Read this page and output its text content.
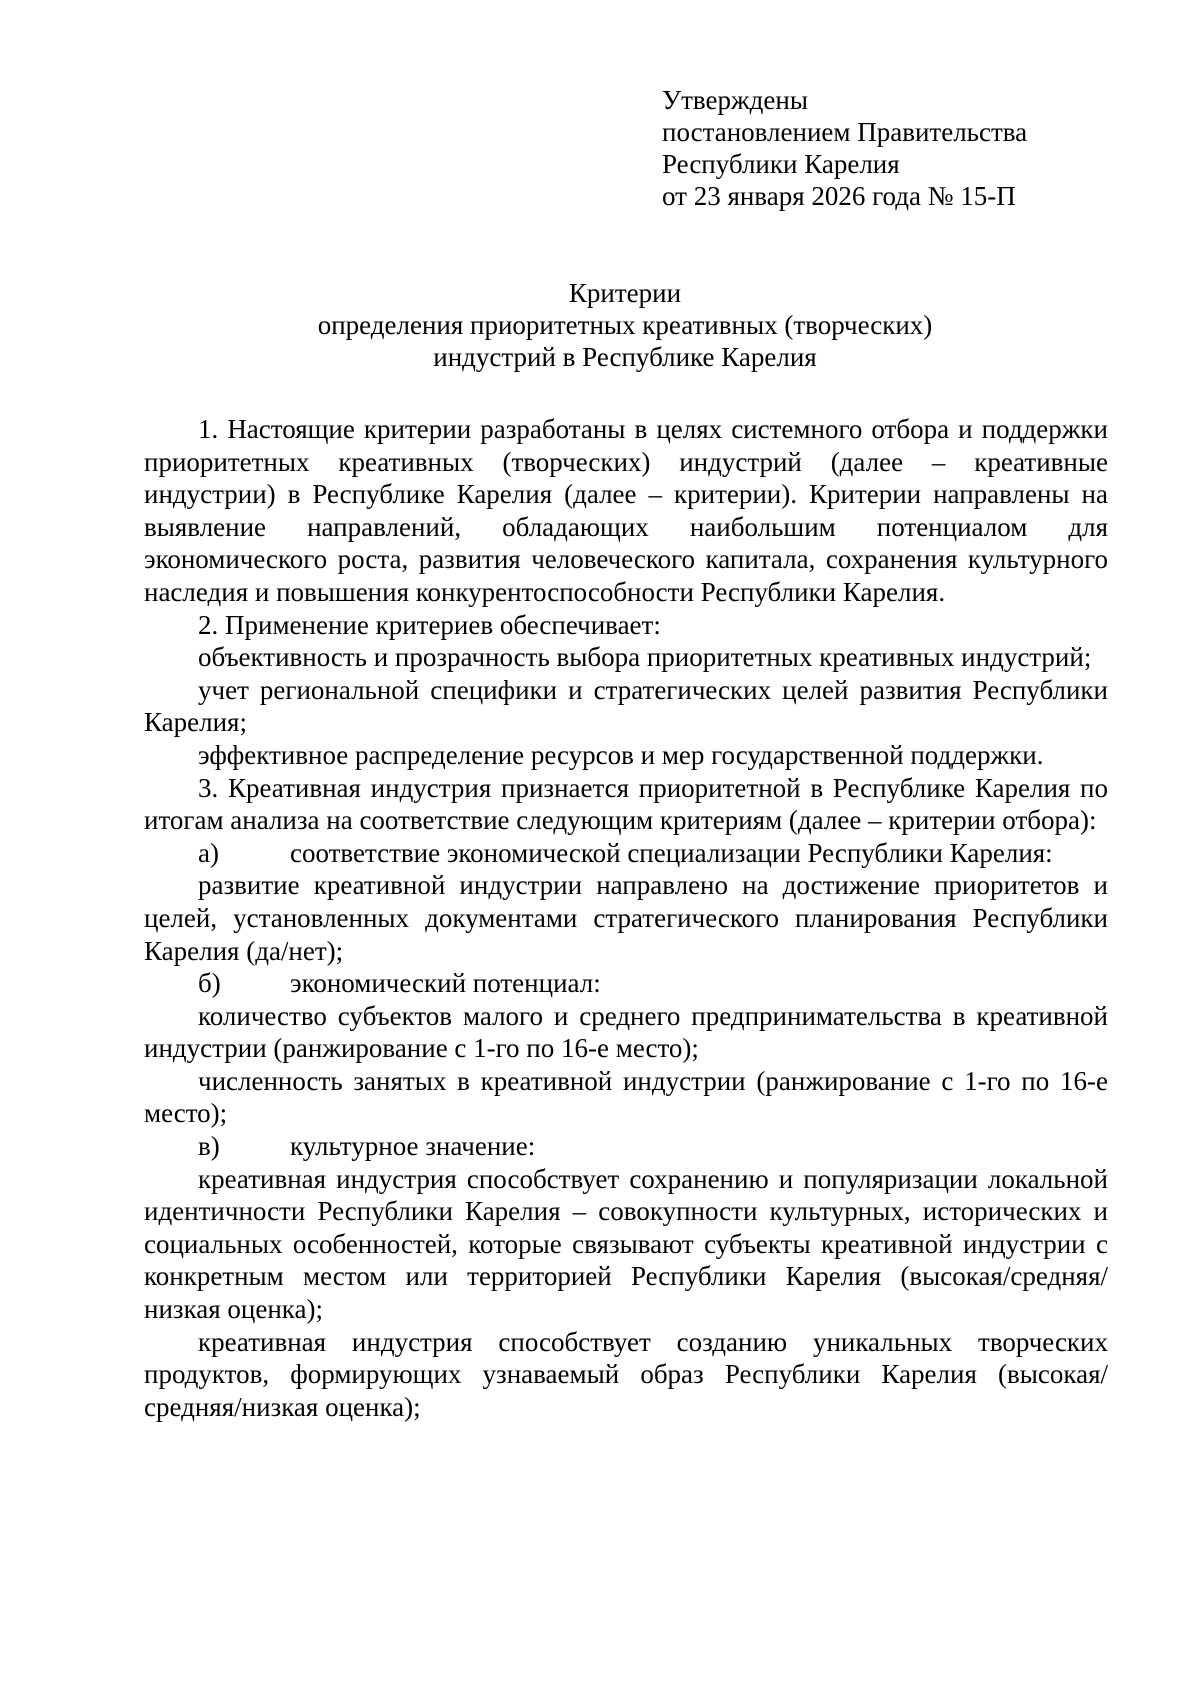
Утверждены
постановлением Правительства
Республики Карелия
от 23 января 2026 года № 15-П
Критерии
определения приоритетных креативных (творческих)
индустрий в Республике Карелия

1. Настоящие критерии разработаны в целях системного отбора и поддержки приоритетных креативных (творческих) индустрий (далее – креативные индустрии) в Республике Карелия (далее – критерии). Критерии направлены на выявление направлений, обладающих наибольшим потенциалом для экономического роста, развития человеческого капитала, сохранения культурного наследия и повышения конкурентоспособности Республики Карелия.

2. Применение критериев обеспечивает:

объективность и прозрачность выбора приоритетных креативных индустрий;

учет региональной специфики и стратегических целей развития Республики Карелия;

эффективное распределение ресурсов и мер государственной поддержки.

3. Креативная индустрия признается приоритетной в Республике Карелия по итогам анализа на соответствие следующим критериям (далее – критерии отбора):

а)	соответствие экономической специализации Республики Карелия:

развитие креативной индустрии направлено на достижение приоритетов и целей, установленных документами стратегического планирования Республики Карелия (да/нет);

б)	экономический потенциал:

количество субъектов малого и среднего предпринимательства в креативной индустрии (ранжирование с 1-го по 16-е место);

численность занятых в креативной индустрии (ранжирование с 1-го по 16-е место);

в)	культурное значение:

креативная индустрия способствует сохранению и популяризации локальной идентичности Республики Карелия – совокупности культурных, исторических и социальных особенностей, которые связывают субъекты креативной индустрии с конкретным местом или территорией Республики Карелия (высокая/средняя/низкая оценка);

креативная индустрия способствует созданию уникальных творческих продуктов, формирующих узнаваемый образ Республики Карелия (высокая/средняя/низкая оценка);
